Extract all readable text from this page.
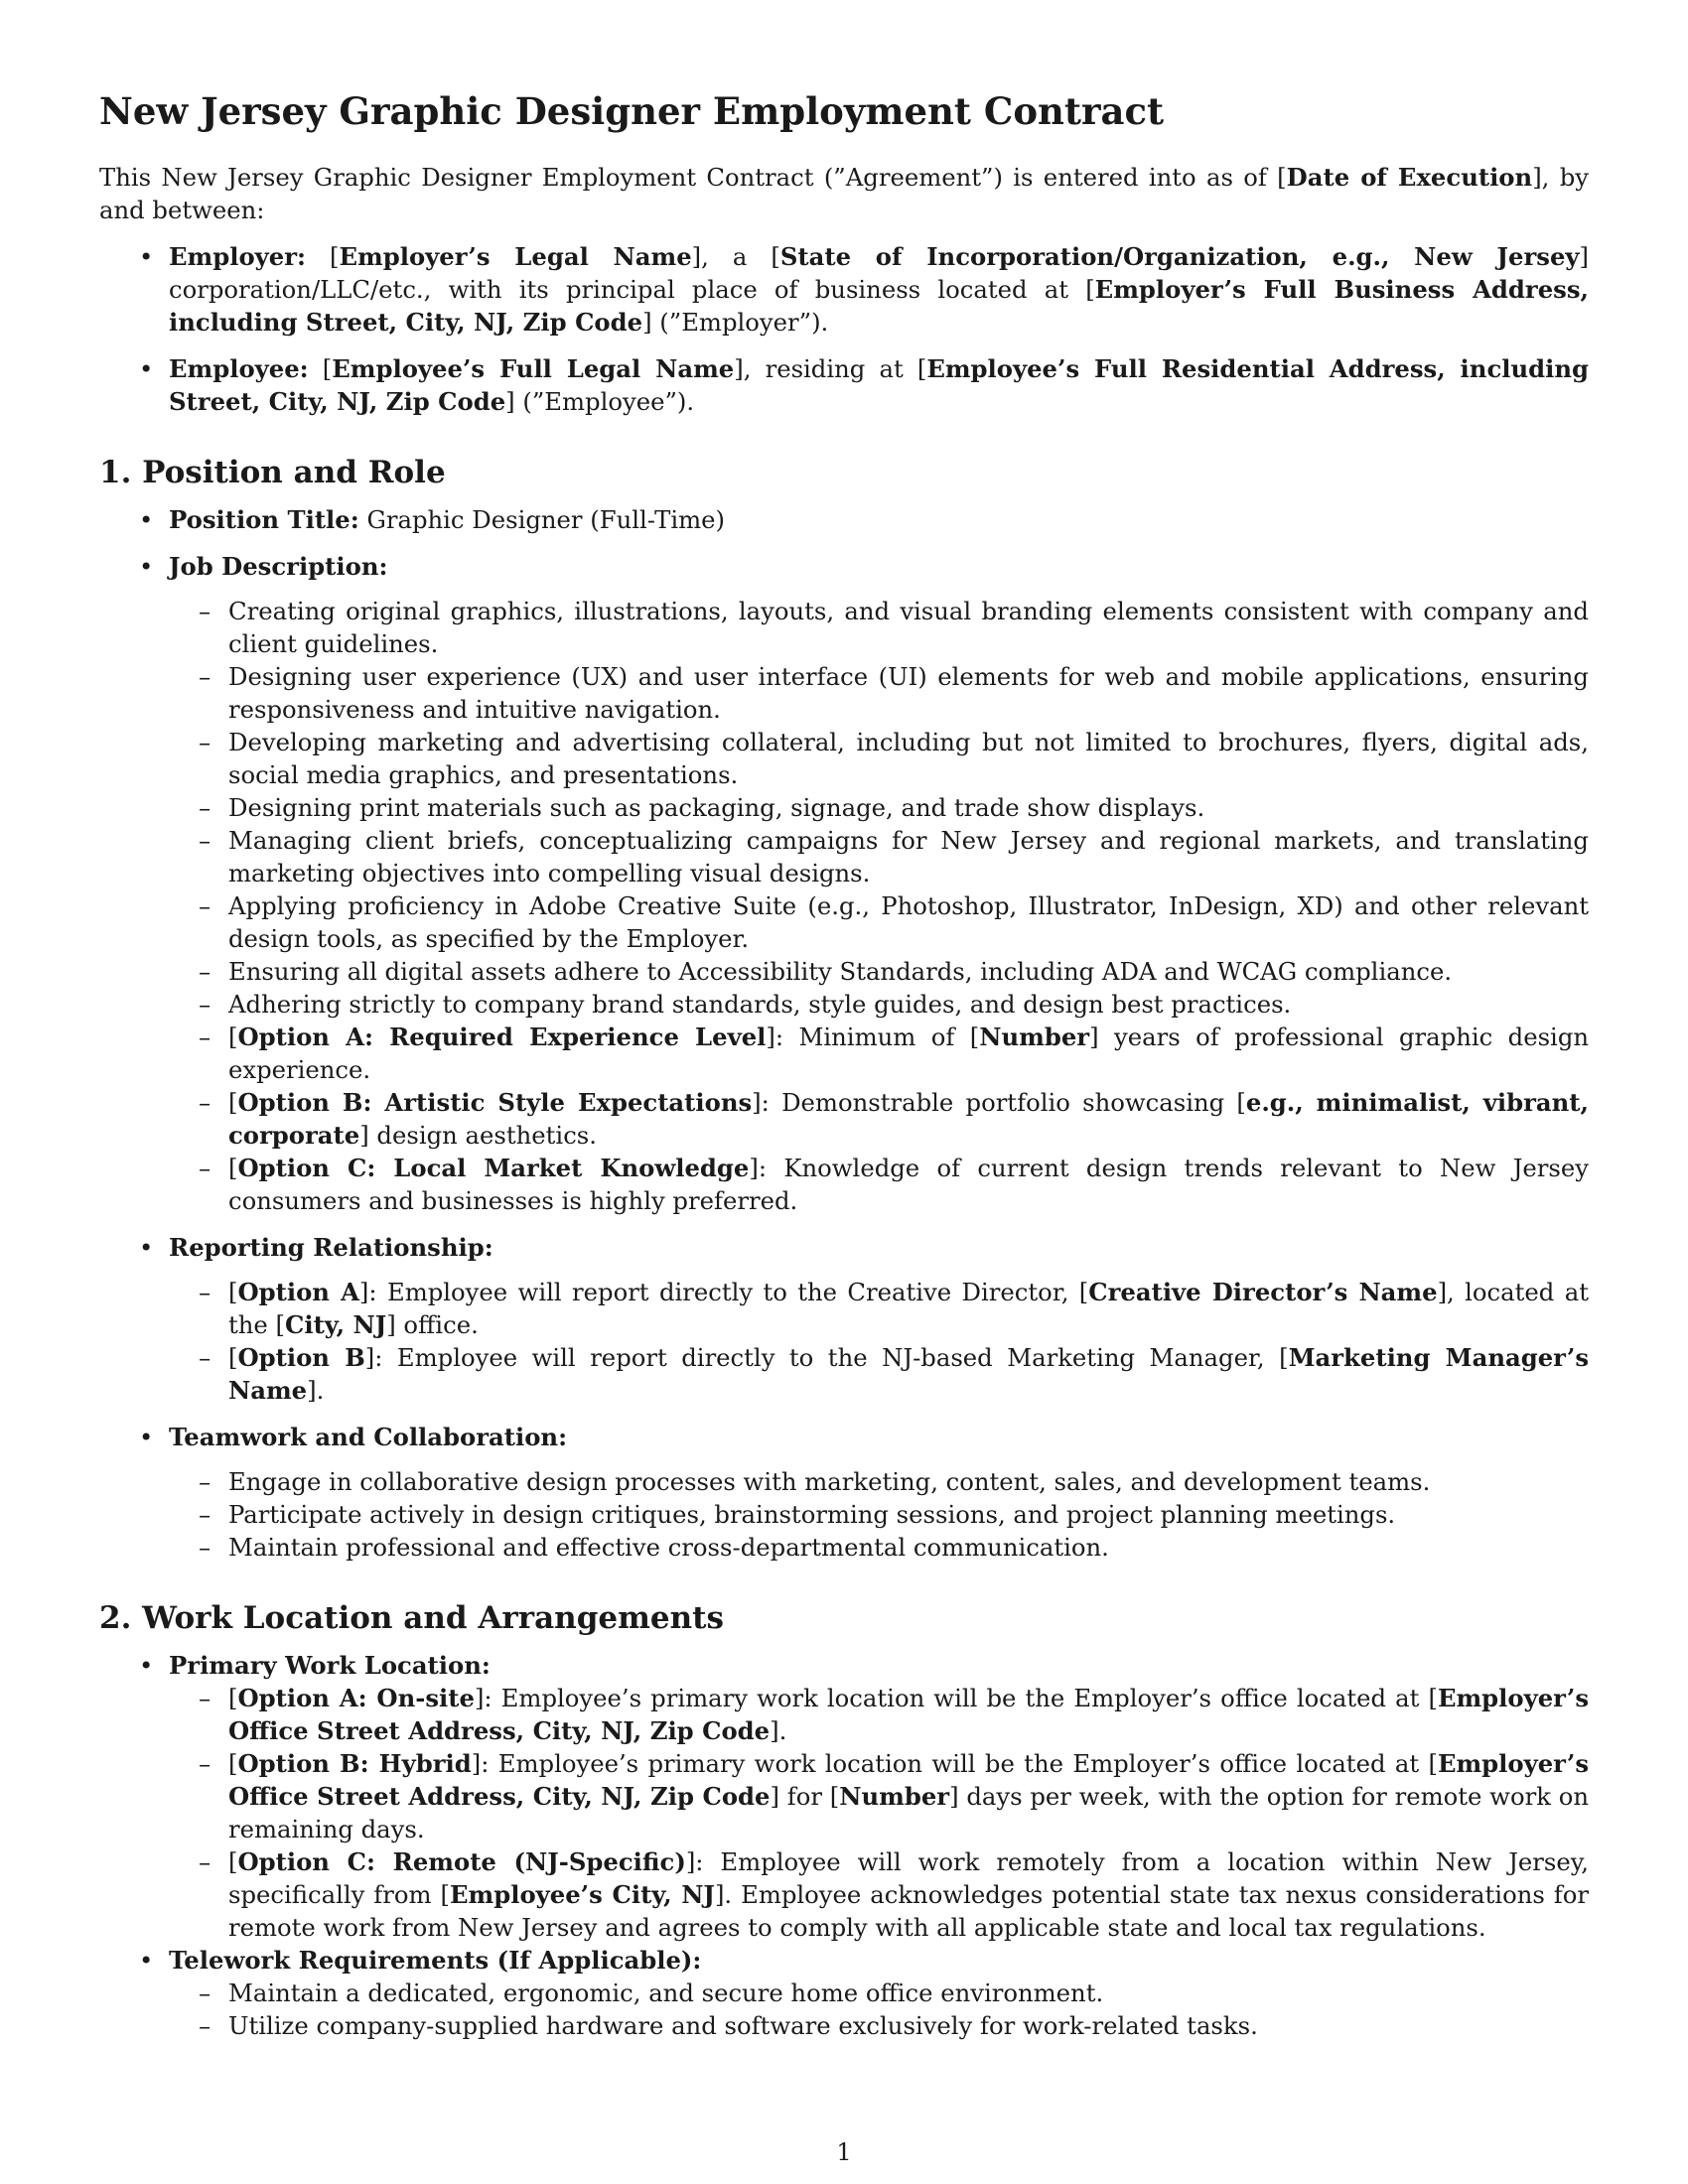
New Jersey Graphic Designer Employment Contract

This New Jersey Graphic Designer Employment Contract (”Agreement”) is entered into as of [Date of Execution], by and between:

• Employer: [Employer’s Legal Name], a [State of Incorporation/Organization, e.g., New Jersey] corporation/LLC/etc., with its principal place of business located at [Employer’s Full Business Address, including Street, City, NJ, Zip Code] (”Employer”).
• Employee: [Employee’s Full Legal Name], residing at [Employee’s Full Residential Address, including Street, City, NJ, Zip Code] (”Employee”).
1. Position and Role
• Position Title: Graphic Designer (Full-Time)
• Job Description:
– Creating original graphics, illustrations, layouts, and visual branding elements consistent with company and client guidelines.
– Designing user experience (UX) and user interface (UI) elements for web and mobile applications, ensuring responsiveness and intuitive navigation.
– Developing marketing and advertising collateral, including but not limited to brochures, flyers, digital ads, social media graphics, and presentations.
– Designing print materials such as packaging, signage, and trade show displays.
– Managing client briefs, conceptualizing campaigns for New Jersey and regional markets, and translating marketing objectives into compelling visual designs.
– Applying proficiency in Adobe Creative Suite (e.g., Photoshop, Illustrator, InDesign, XD) and other relevant design tools, as specified by the Employer.
– Ensuring all digital assets adhere to Accessibility Standards, including ADA and WCAG compliance.
– Adhering strictly to company brand standards, style guides, and design best practices.
– [Option A: Required Experience Level]: Minimum of [Number] years of professional graphic design experience.
– [Option B: Artistic Style Expectations]: Demonstrable portfolio showcasing [e.g., minimalist, vibrant, corporate] design aesthetics.
– [Option C: Local Market Knowledge]: Knowledge of current design trends relevant to New Jersey consumers and businesses is highly preferred.
• Reporting Relationship:
– [Option A]: Employee will report directly to the Creative Director, [Creative Director’s Name], located at the [City, NJ] office.
– [Option B]: Employee will report directly to the NJ-based Marketing Manager, [Marketing Manager’s Name].
• Teamwork and Collaboration:
– Engage in collaborative design processes with marketing, content, sales, and development teams.
– Participate actively in design critiques, brainstorming sessions, and project planning meetings.
– Maintain professional and effective cross-departmental communication.
2. Work Location and Arrangements
• Primary Work Location:
– [Option A: On-site]: Employee’s primary work location will be the Employer’s office located at [Employer’s Office Street Address, City, NJ, Zip Code].
– [Option B: Hybrid]: Employee’s primary work location will be the Employer’s office located at [Employer’s Office Street Address, City, NJ, Zip Code] for [Number] days per week, with the option for remote work on remaining days.
– [Option C: Remote (NJ-Specific)]: Employee will work remotely from a location within New Jersey, specifically from [Employee’s City, NJ]. Employee acknowledges potential state tax nexus considerations for remote work from New Jersey and agrees to comply with all applicable state and local tax regulations.
• Telework Requirements (If Applicable):
– Maintain a dedicated, ergonomic, and secure home office environment.
– Utilize company-supplied hardware and software exclusively for work-related tasks.
1
